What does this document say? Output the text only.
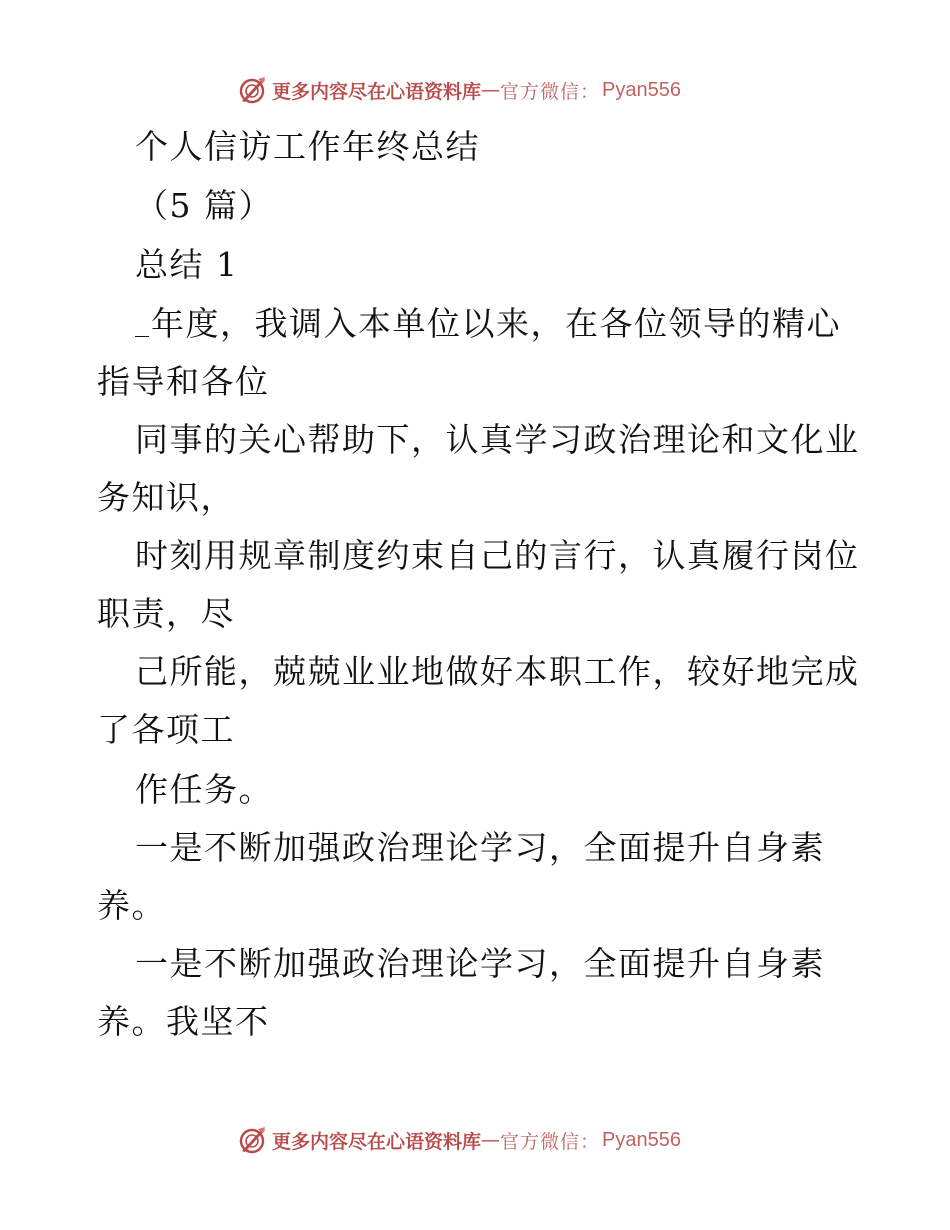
更多内容尽在心语资料库 — 官方微信： Pyan556

个人信访工作年终总结

（5 篇）

总结 1

年度，我调入本单位以来，在各位领导的精心

指导和各位

同事的关心帮助下，认真学习政治理论和文化业

务知识，

时刻用规章制度约束自己的言行，认真履行岗位

职责，尽

己所能，兢兢业业地做好本职工作，较好地完成

了各项工

作任务。

一是不断加强政治理论学习，全面提升自身素

养。

一是不断加强政治理论学习，全面提升自身素

养。我坚不

更多内容尽在心语资料库 — 官方微信： Pyan556
